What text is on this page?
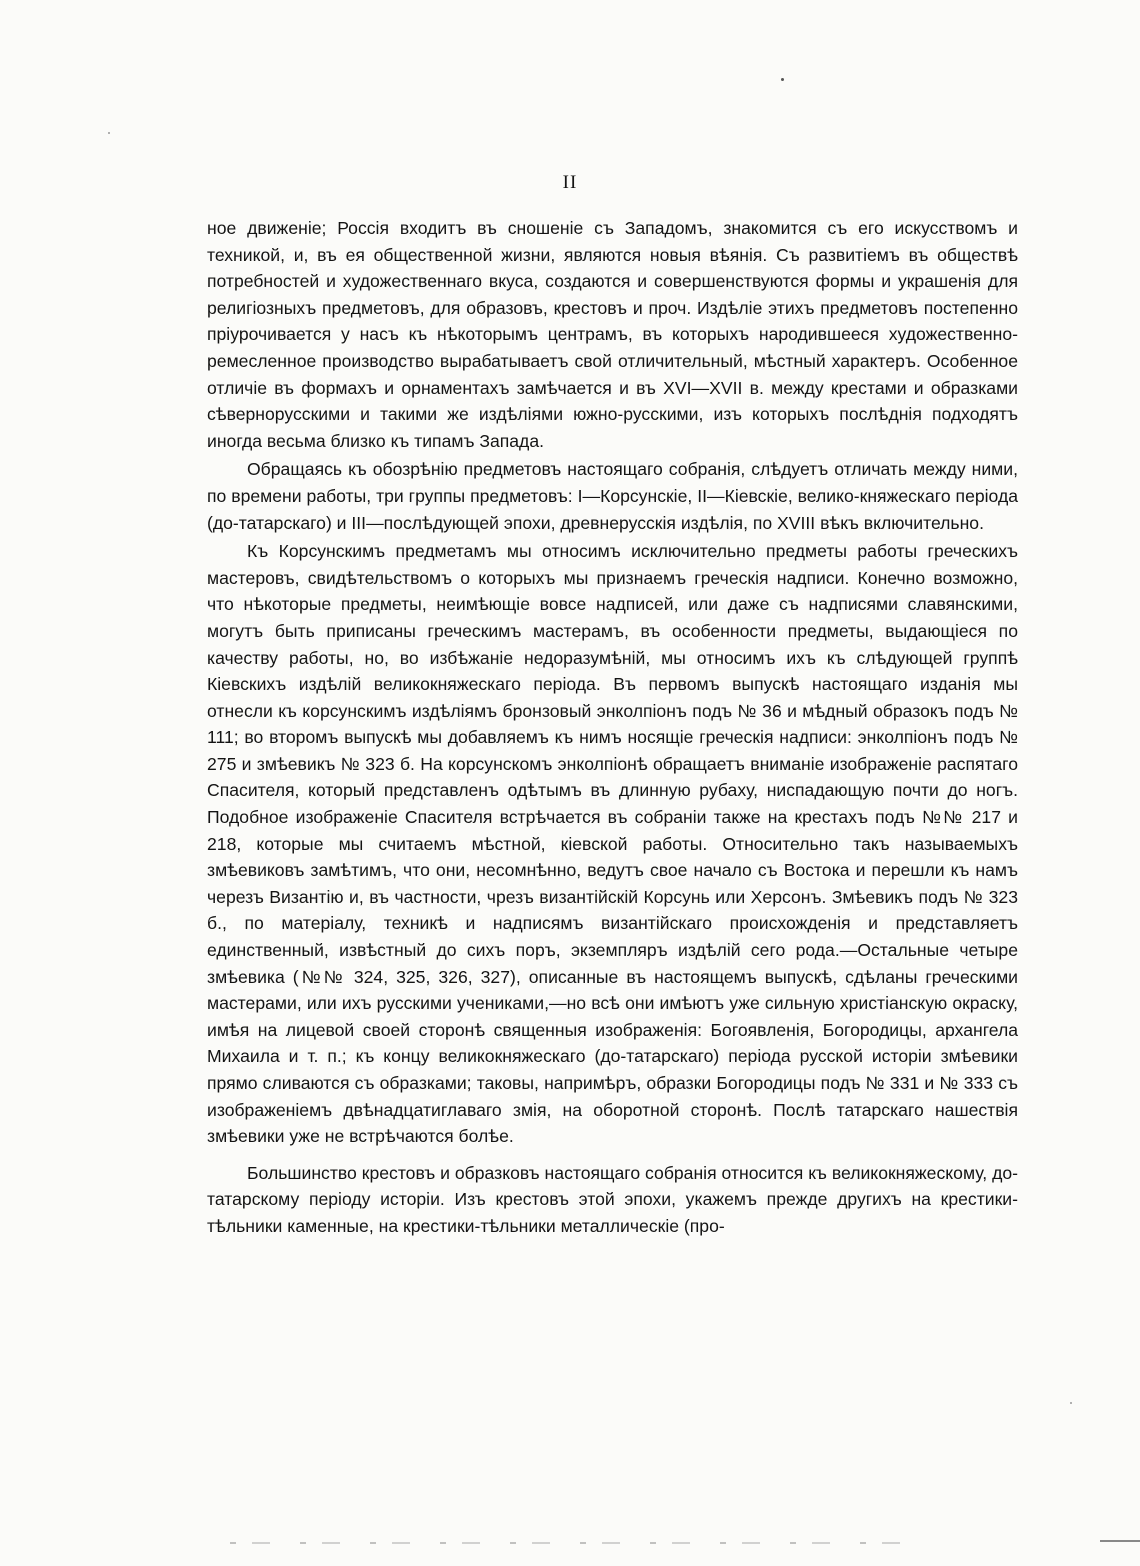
II

ное движеніе; Россія входитъ въ сношеніе съ Западомъ, знакомится съ его искусствомъ и техникой, и, въ ея общественной жизни, являются новыя вѣянія. Съ развитіемъ въ обществѣ потребностей и художественнаго вкуса, создаются и совершенствуются формы и украшенія для религіозныхъ предметовъ, для образовъ, крестовъ и проч. Издѣліе этихъ предметовъ постепенно пріурочивается у насъ къ нѣкоторымъ центрамъ, въ которыхъ народившееся художественно-ремесленное производство вырабатываетъ свой отличительный, мѣстный характеръ. Особенное отличіе въ формахъ и орнаментахъ замѣчается и въ XVI—XVII в. между крестами и образками сѣвернорусскими и такими же издѣліями южно-русскими, изъ которыхъ послѣднія подходятъ иногда весьма близко къ типамъ Запада.

Обращаясь къ обозрѣнію предметовъ настоящаго собранія, слѣдуетъ отличать между ними, по времени работы, три группы предметовъ: I—Корсунскіе, II—Кіевскіе, велико-княжескаго періода (до-татарскаго) и III—послѣдующей эпохи, древнерусскія издѣлія, по XVIII вѣкъ включительно.

Къ Корсунскимъ предметамъ мы относимъ исключительно предметы работы греческихъ мастеровъ, свидѣтельствомъ о которыхъ мы признаемъ греческія надписи. Конечно возможно, что нѣкоторые предметы, неимѣющіе вовсе надписей, или даже съ надписями славянскими, могутъ быть приписаны греческимъ мастерамъ, въ особенности предметы, выдающіеся по качеству работы, но, во избѣжаніе недоразумѣній, мы относимъ ихъ къ слѣдующей группѣ Кіевскихъ издѣлій великокняжескаго періода. Въ первомъ выпускѣ настоящаго изданія мы отнесли къ корсунскимъ издѣліямъ бронзовый энколпіонъ подъ № 36 и мѣдный образокъ подъ № 111; во второмъ выпускѣ мы добавляемъ къ нимъ носящіе греческія надписи: энколпіонъ подъ № 275 и змѣевикъ № 323 б. На корсунскомъ энколпіонѣ обращаетъ вниманіе изображеніе распятаго Спасителя, который представленъ одѣтымъ въ длинную рубаху, ниспадающую почти до ногъ. Подобное изображеніе Спасителя встрѣчается въ собраніи также на крестахъ подъ №№ 217 и 218, которые мы считаемъ мѣстной, кіевской работы. Относительно такъ называемыхъ змѣевиковъ замѣтимъ, что они, несомнѣнно, ведутъ свое начало съ Востока и перешли къ намъ черезъ Византію и, въ частности, чрезъ византійскій Корсунь или Херсонъ. Змѣевикъ подъ № 323 б., по матеріалу, техникѣ и надписямъ византійскаго происхожденія и представляетъ единственный, извѣстный до сихъ поръ, экземпляръ издѣлій сего рода.—Остальные четыре змѣевика (№№ 324, 325, 326, 327), описанные въ настоящемъ выпускѣ, сдѣланы греческими мастерами, или ихъ русскими учениками,—но всѣ они имѣютъ уже сильную христіанскую окраску, имѣя на лицевой своей сторонѣ священныя изображенія: Богоявленія, Богородицы, архангела Михаила и т. п.; къ концу великокняжескаго (до-татарскаго) періода русской исторіи змѣевики прямо сливаются съ образками; таковы, напримѣръ, образки Богородицы подъ № 331 и № 333 съ изображеніемъ двѣнадцатиглаваго змія, на оборотной сторонѣ. Послѣ татарскаго нашествія змѣевики уже не встрѣчаются болѣе.

Большинство крестовъ и образковъ настоящаго собранія относится къ великокняжескому, до-татарскому періоду исторіи. Изъ крестовъ этой эпохи, укажемъ прежде другихъ на крестики-тѣльники каменные, на крестики-тѣльники металлическіе (про-
